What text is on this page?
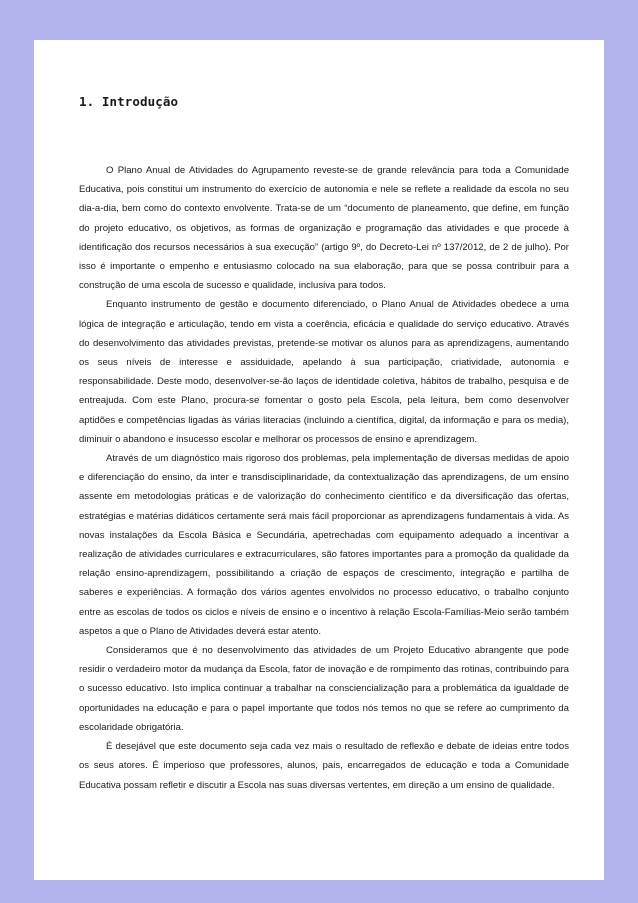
1. Introdução

O Plano Anual de Atividades do Agrupamento reveste-se de grande relevância para toda a Comunidade Educativa, pois constitui um instrumento do exercício de autonomia e nele se reflete a realidade da escola no seu dia-a-dia, bem como do contexto envolvente. Trata-se de um “documento de planeamento, que define, em função do projeto educativo, os objetivos, as formas de organização e programação das atividades e que procede à identificação dos recursos necessários à sua execução” (artigo 9º, do Decreto-Lei nº 137/2012, de 2 de julho). Por isso é importante o empenho e entusiasmo colocado na sua elaboração, para que se possa contribuir para a construção de uma escola de sucesso e qualidade, inclusiva para todos.

Enquanto instrumento de gestão e documento diferenciado, o Plano Anual de Atividades obedece a uma lógica de integração e articulação, tendo em vista a coerência, eficácia e qualidade do serviço educativo. Através do desenvolvimento das atividades previstas, pretende-se motivar os alunos para as aprendizagens, aumentando os seus níveis de interesse e assiduidade, apelando à sua participação, criatividade, autonomia e responsabilidade. Deste modo, desenvolver-se-ão laços de identidade coletiva, hábitos de trabalho, pesquisa e de entreajuda. Com este Plano, procura-se fomentar o gosto pela Escola, pela leitura, bem como desenvolver aptidões e competências ligadas às várias literacias (incluindo a científica, digital, da informação e para os media), diminuir o abandono e insucesso escolar e melhorar os processos de ensino e aprendizagem.

Através de um diagnóstico mais rigoroso dos problemas, pela implementação de diversas medidas de apoio e diferenciação do ensino, da inter e transdisciplinaridade, da contextualização das aprendizagens, de um ensino assente em metodologias práticas e de valorização do conhecimento científico e da diversificação das ofertas, estratégias e matérias didáticos certamente será mais fácil proporcionar as aprendizagens fundamentais à vida. As novas instalações da Escola Básica e Secundária, apetrechadas com equipamento adequado a incentivar a realização de atividades curriculares e extracurriculares, são fatores importantes para a promoção da qualidade da relação ensino-aprendizagem, possibilitando a criação de espaços de crescimento, integração e partilha de saberes e experiências. A formação dos vários agentes envolvidos no processo educativo, o trabalho conjunto entre as escolas de todos os ciclos e níveis de ensino e o incentivo à relação Escola-Famílias-Meio serão também aspetos a que o Plano de Atividades deverá estar atento.

Consideramos que é no desenvolvimento das atividades de um Projeto Educativo abrangente que pode residir o verdadeiro motor da mudança da Escola, fator de inovação e de rompimento das rotinas, contribuindo para o sucesso educativo. Isto implica continuar a trabalhar na consciencialização para a problemática da igualdade de oportunidades na educação e para o papel importante que todos nós temos no que se refere ao cumprimento da escolaridade obrigatória.

É desejável que este documento seja cada vez mais o resultado de reflexão e debate de ideias entre todos os seus atores. É imperioso que professores, alunos, pais, encarregados de educação e toda a Comunidade Educativa possam refletir e discutir a Escola nas suas diversas vertentes, em direção a um ensino de qualidade.
